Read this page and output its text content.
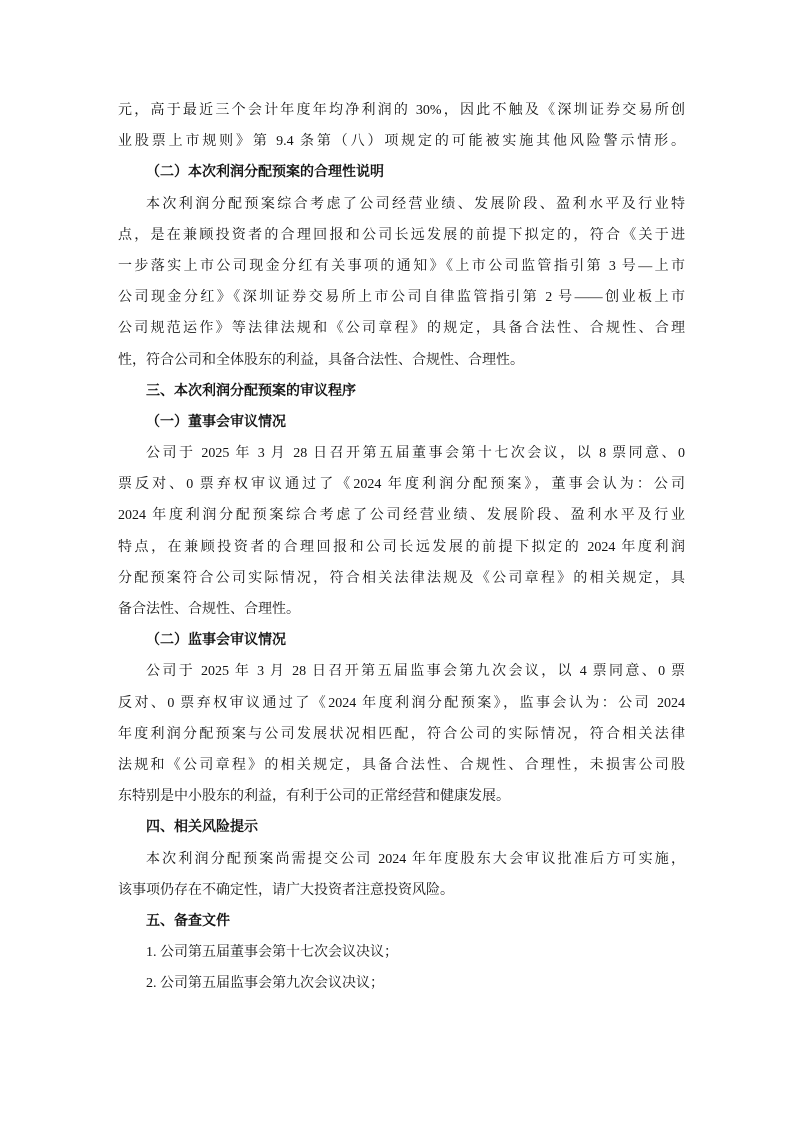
元，高于最近三个会计年度年均净利润的 30%，因此不触及《深圳证券交易所创
业股票上市规则》第 9.4 条第（八）项规定的可能被实施其他风险警示情形。

（二）本次利润分配预案的合理性说明

本次利润分配预案综合考虑了公司经营业绩、发展阶段、盈利水平及行业特
点，是在兼顾投资者的合理回报和公司长远发展的前提下拟定的，符合《关于进
一步落实上市公司现金分红有关事项的通知》《上市公司监管指引第 3 号—上市
公司现金分红》《深圳证券交易所上市公司自律监管指引第 2 号——创业板上市
公司规范运作》等法律法规和《公司章程》的规定，具备合法性、合规性、合理
性，符合公司和全体股东的利益，具备合法性、合规性、合理性。

三、本次利润分配预案的审议程序

（一）董事会审议情况

公司于 2025 年 3 月 28 日召开第五届董事会第十七次会议，以 8 票同意、0
票反对、0 票弃权审议通过了《2024 年度利润分配预案》，董事会认为：公司
2024 年度利润分配预案综合考虑了公司经营业绩、发展阶段、盈利水平及行业
特点，在兼顾投资者的合理回报和公司长远发展的前提下拟定的 2024 年度利润
分配预案符合公司实际情况，符合相关法律法规及《公司章程》的相关规定，具
备合法性、合规性、合理性。

（二）监事会审议情况

公司于 2025 年 3 月 28 日召开第五届监事会第九次会议，以 4 票同意、0 票
反对、0 票弃权审议通过了《2024 年度利润分配预案》，监事会认为：公司 2024
年度利润分配预案与公司发展状况相匹配，符合公司的实际情况，符合相关法律
法规和《公司章程》的相关规定，具备合法性、合规性、合理性，未损害公司股
东特别是中小股东的利益，有利于公司的正常经营和健康发展。

四、相关风险提示

本次利润分配预案尚需提交公司 2024 年年度股东大会审议批准后方可实施，
该事项仍存在不确定性，请广大投资者注意投资风险。

五、备查文件

1. 公司第五届董事会第十七次会议决议；

2. 公司第五届监事会第九次会议决议；
